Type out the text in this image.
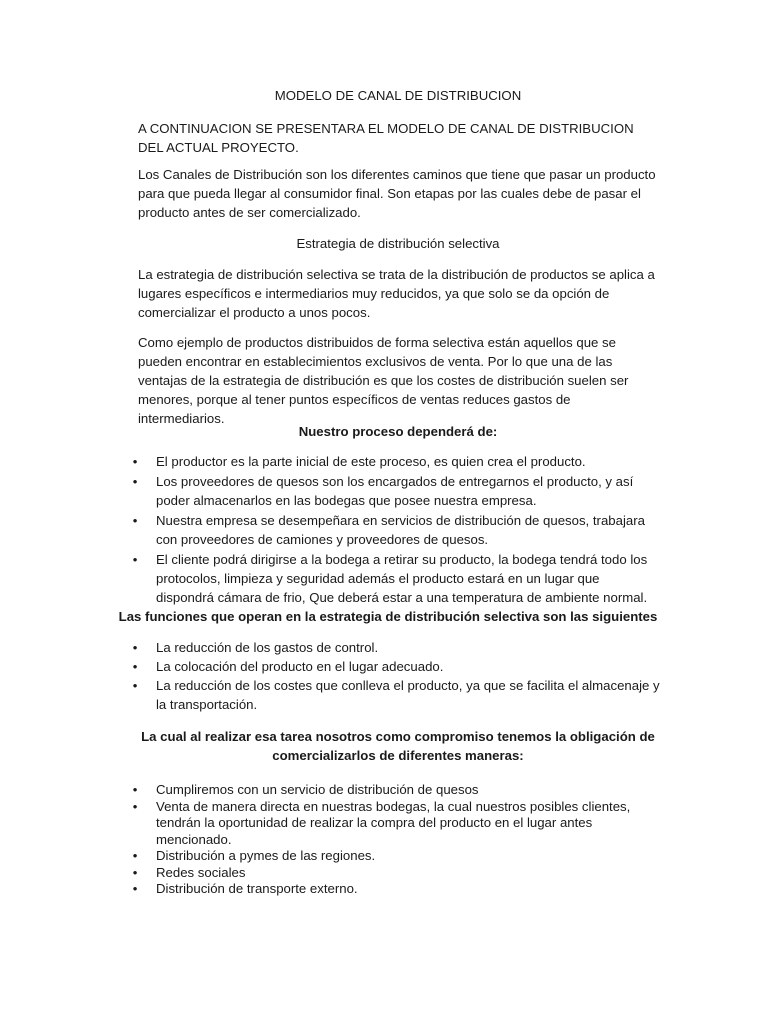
MODELO DE CANAL DE DISTRIBUCION

A CONTINUACION SE PRESENTARA EL MODELO DE CANAL DE DISTRIBUCION DEL ACTUAL PROYECTO.

Los Canales de Distribución son los diferentes caminos que tiene que pasar un producto para que pueda llegar al consumidor final. Son etapas por las cuales debe de pasar el producto antes de ser comercializado.

Estrategia de distribución selectiva

La estrategia de distribución selectiva se trata de la distribución de productos se aplica a lugares específicos e intermediarios muy reducidos, ya que solo se da opción de comercializar el producto a unos pocos.

Como ejemplo de productos distribuidos de forma selectiva están aquellos que se pueden encontrar en establecimientos exclusivos de venta. Por lo que una de las ventajas de la estrategia de distribución es que los costes de distribución suelen ser menores, porque al tener puntos específicos de ventas reduces gastos de intermediarios.

Nuestro proceso dependerá de:

• El productor es la parte inicial de este proceso, es quien crea el producto.
• Los proveedores de quesos son los encargados de entregarnos el producto, y así poder almacenarlos en las bodegas que posee nuestra empresa.
• Nuestra empresa se desempeñara en servicios de distribución de quesos, trabajara con proveedores de camiones y proveedores de quesos.
• El cliente podrá dirigirse a la bodega a retirar su producto, la bodega tendrá todo los protocolos, limpieza y seguridad además el producto estará en un lugar que dispondrá cámara de frio, Que deberá estar a una temperatura de ambiente normal.

Las funciones que operan en la estrategia de distribución selectiva son las siguientes

• La reducción de los gastos de control.
• La colocación del producto en el lugar adecuado.
• La reducción de los costes que conlleva el producto, ya que se facilita el almacenaje y la transportación.

La cual al realizar esa tarea nosotros como compromiso tenemos la obligación de comercializarlos de diferentes maneras:

• Cumpliremos con un servicio de distribución de quesos
• Venta de manera directa en nuestras bodegas, la cual nuestros posibles clientes, tendrán la oportunidad de realizar la compra del producto en el lugar antes mencionado.
• Distribución a pymes de las regiones.
• Redes sociales
• Distribución de transporte externo.
